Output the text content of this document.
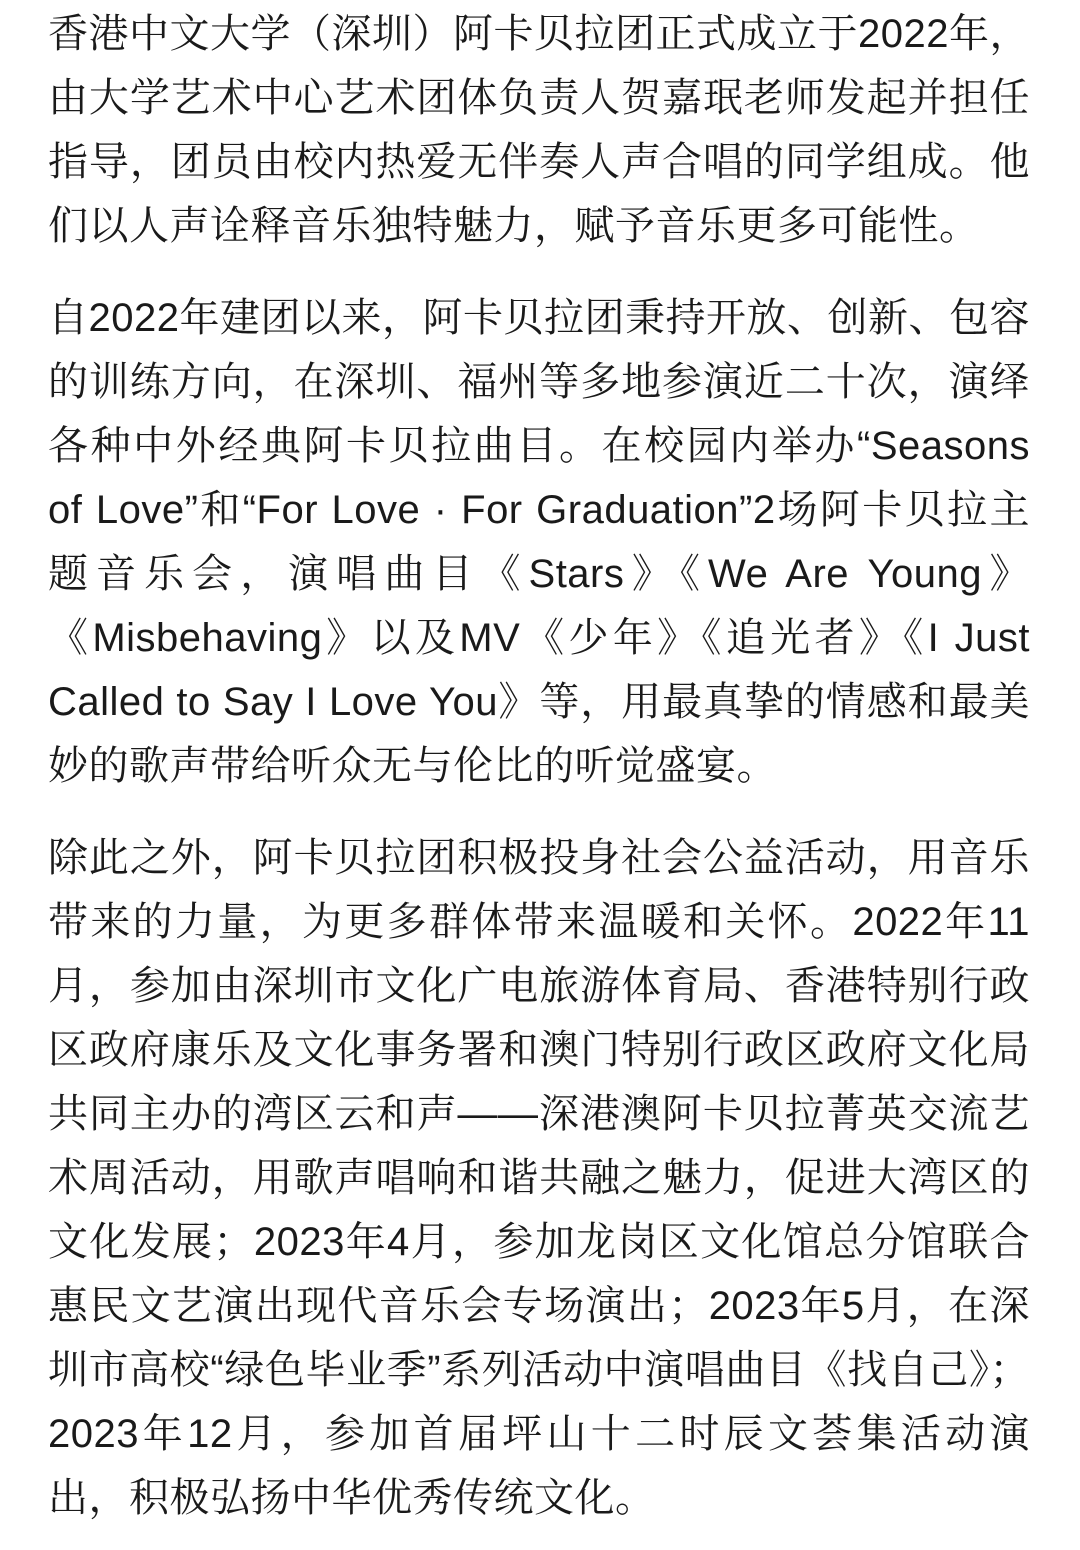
香港中文大学（深圳）阿卡贝拉团正式成立于2022年，由大学艺术中心艺术团体负责人贺嘉珉老师发起并担任指导，团员由校内热爱无伴奏人声合唱的同学组成。他们以人声诠释音乐独特魅力，赋予音乐更多可能性。

自2022年建团以来，阿卡贝拉团秉持开放、创新、包容的训练方向，在深圳、福州等多地参演近二十次，演绎各种中外经典阿卡贝拉曲目。在校园内举办“Seasons of Love”和“For Love · For Graduation”2场阿卡贝拉主题音乐会，演唱曲目《Stars》《We Are Young》《Misbehaving》以及MV《少年》《追光者》《I Just Called to Say I Love You》等，用最真挚的情感和最美妙的歌声带给听众无与伦比的听觉盛宴。

除此之外，阿卡贝拉团积极投身社会公益活动，用音乐带来的力量，为更多群体带来温暖和关怀。2022年11月，参加由深圳市文化广电旅游体育局、香港特别行政区政府康乐及文化事务署和澳门特别行政区政府文化局共同主办的湾区云和声——深港澳阿卡贝拉菁英交流艺术周活动，用歌声唱响和谐共融之魅力，促进大湾区的文化发展；2023年4月，参加龙岗区文化馆总分馆联合惠民文艺演出现代音乐会专场演出；2023年5月，在深圳市高校“绿色毕业季”系列活动中演唱曲目《找自己》；2023年12月，参加首届坪山十二时辰文荟集活动演出，积极弘扬中华优秀传统文化。
